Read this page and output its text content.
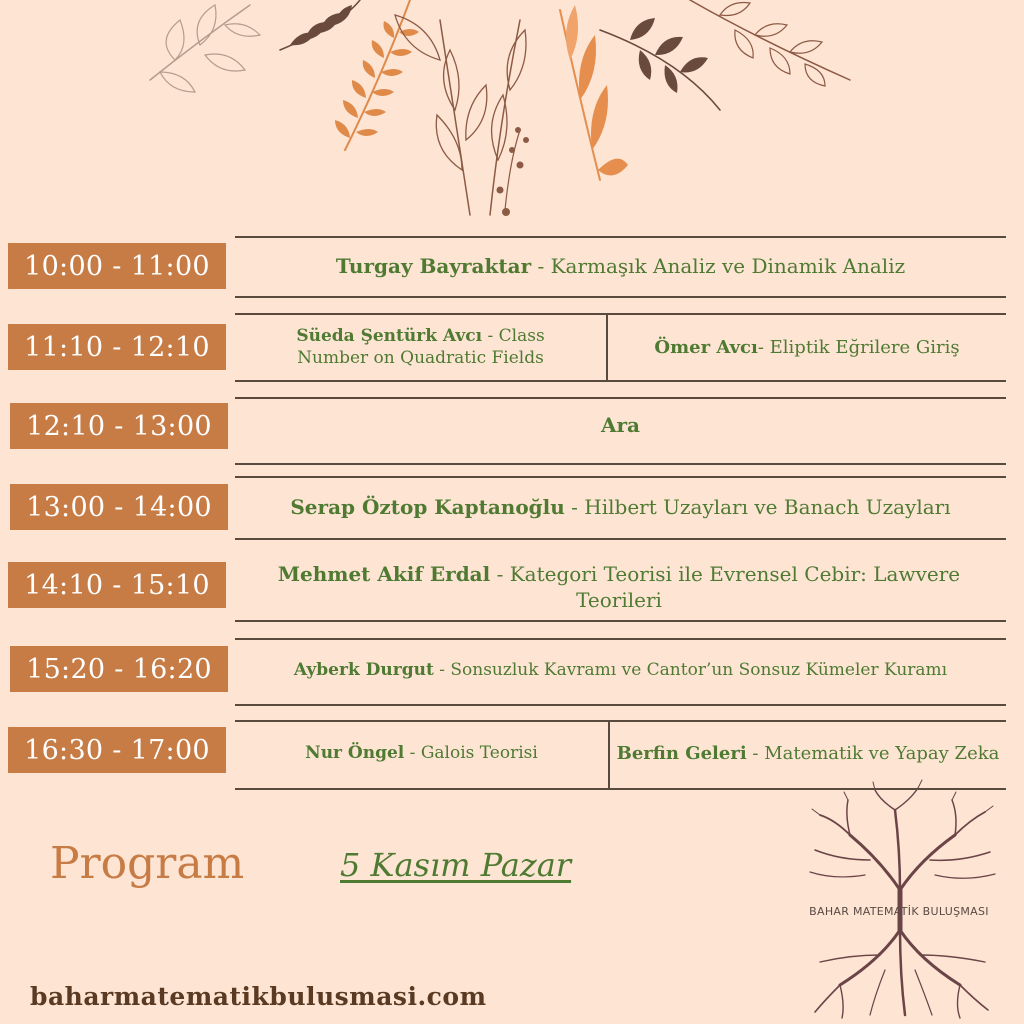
10:00 - 11:00	Turgay Bayraktar - Karmaşık Analiz ve Dinamik Analiz
11:10 - 12:10	Süeda Şentürk Avcı - Class Number on Quadratic Fields	Ömer Avcı- Eliptik Eğrilere Giriş
12:10 - 13:00	Ara
13:00 - 14:00	Serap Öztop Kaptanoğlu - Hilbert Uzayları ve Banach Uzayları
14:10 - 15:10	Mehmet Akif Erdal - Kategori Teorisi ile Evrensel Cebir: Lawvere Teorileri
15:20 - 16:20	Ayberk Durgut - Sonsuzluk Kavramı ve Cantor’un Sonsuz Kümeler Kuramı
16:30 - 17:00	Nur Öngel - Galois Teorisi	Berfin Geleri - Matematik ve Yapay Zeka
Program	5 Kasım Pazar
baharmatematikbulusmasi.com
BAHAR MATEMATİK BULUŞMASI
